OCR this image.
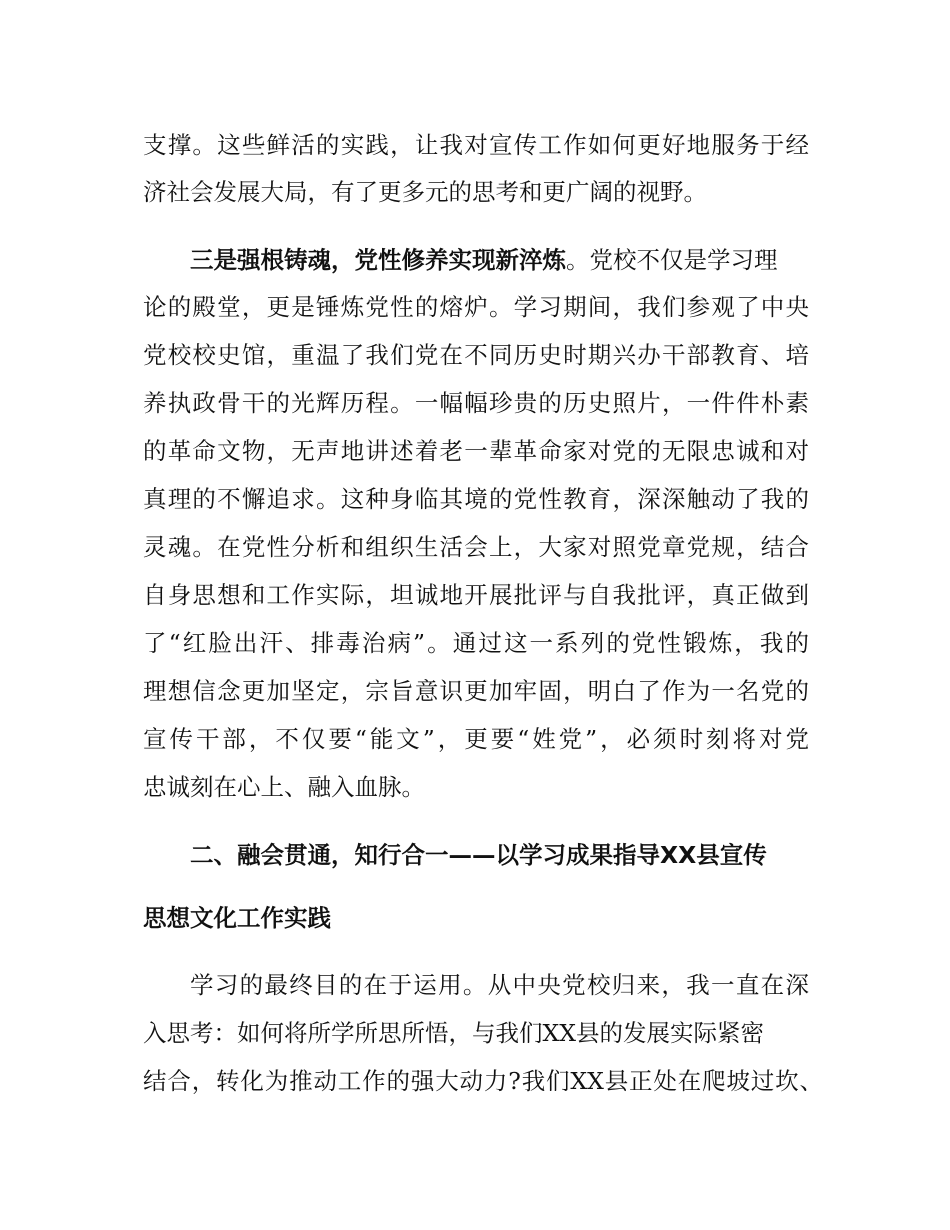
支撑。这些鲜活的实践，让我对宣传工作如何更好地服务于经
济社会发展大局，有了更多元的思考和更广阔的视野。
三是强根铸魂，党性修养实现新淬炼。党校不仅是学习理
论的殿堂，更是锤炼党性的熔炉。学习期间，我们参观了中央
党校校史馆，重温了我们党在不同历史时期兴办干部教育、培
养执政骨干的光辉历程。一幅幅珍贵的历史照片，一件件朴素
的革命文物，无声地讲述着老一辈革命家对党的无限忠诚和对
真理的不懈追求。这种身临其境的党性教育，深深触动了我的
灵魂。在党性分析和组织生活会上，大家对照党章党规，结合
自身思想和工作实际，坦诚地开展批评与自我批评，真正做到
了“红脸出汗、排毒治病”。通过这一系列的党性锻炼，我的
理想信念更加坚定，宗旨意识更加牢固，明白了作为一名党的
宣传干部，不仅要“能文”，更要“姓党”，必须时刻将对党
忠诚刻在心上、融入血脉。
二、融会贯通，知行合一——以学习成果指导XX县宣传
思想文化工作实践
学习的最终目的在于运用。从中央党校归来，我一直在深
入思考：如何将所学所思所悟，与我们XX县的发展实际紧密
结合，转化为推动工作的强大动力?我们XX县正处在爬坡过坎、
